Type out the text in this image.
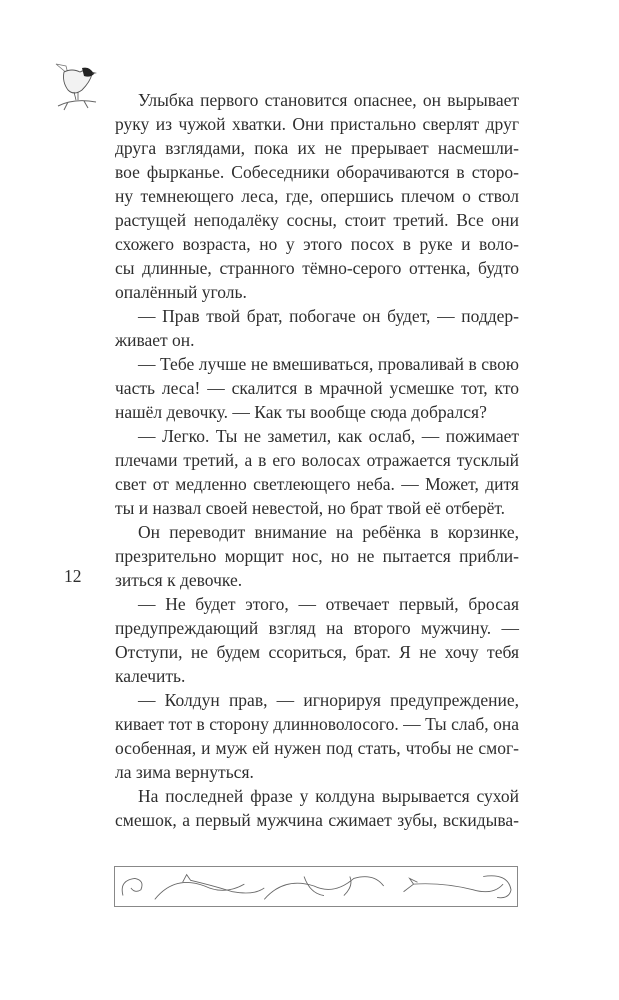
Улыбка первого становится опаснее, он вырывает
руку из чужой хватки. Они пристально сверлят друг
друга взглядами, пока их не прерывает насмешли-
вое фырканье. Собеседники оборачиваются в сторо-
ну темнеющего леса, где, опершись плечом о ствол
растущей неподалёку сосны, стоит третий. Все они
схожего возраста, но у этого посох в руке и воло-
сы длинные, странного тёмно-серого оттенка, будто
опалённый уголь.
— Прав твой брат, побогаче он будет, — поддер-
живает он.
— Тебе лучше не вмешиваться, проваливай в свою
часть леса! — скалится в мрачной усмешке тот, кто
нашёл девочку. — Как ты вообще сюда добрался?
— Легко. Ты не заметил, как ослаб, — пожимает
плечами третий, а в его волосах отражается тусклый
свет от медленно светлеющего неба. — Может, дитя
ты и назвал своей невестой, но брат твой её отберёт.
Он переводит внимание на ребёнка в корзинке,
презрительно морщит нос, но не пытается прибли-
зиться к девочке.
— Не будет этого, — отвечает первый, бросая
предупреждающий взгляд на второго мужчину. —
Отступи, не будем ссориться, брат. Я не хочу тебя
калечить.
— Колдун прав, — игнорируя предупреждение,
кивает тот в сторону длинноволосого. — Ты слаб, она
особенная, и муж ей нужен под стать, чтобы не смог-
ла зима вернуться.
На последней фразе у колдуна вырывается сухой
смешок, а первый мужчина сжимает зубы, вскидыва-
12
